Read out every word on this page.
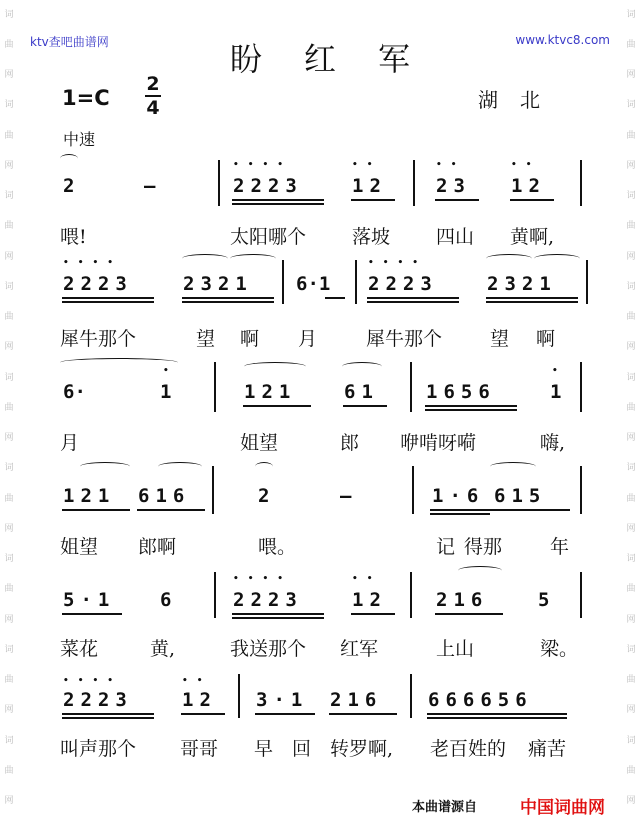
词
曲
网
词
曲
网
词
曲
网
词
曲
网
词
曲
网
词
曲
网
词
曲
网
词
曲
网
词
曲
网
词
曲
网
词
曲
网
词
曲
网
词
曲
网
词
曲
网
词
曲
网
词
曲
网
词
曲
网
词
曲
网
ktv查吧曲谱网	www.ktvc8.com
盼红军
1=C
2
4	湖北
中速
2	—
••••
2223
••
12
••
23
••
12
喂!	太阳哪个 落坡 四山 黄啊,
••••
2223	2321 6·1
••••
2223	2321
犀牛那个	望 啊 月	犀牛那个	望 啊
6·
•
1	121	61 1656
•
1
月	姐望	郎 咿啃呀嗬	嗨,
121 616	2	—	1·6 615
姐望 郎啊	喂。	记 得那	年
5·1 6
••••
2223
••
12	216	5
菜花	黄,	我送那个 红军	上山	梁。
••••
2223
••
12 3·1 216 666656
叫声那个 哥哥 早 回 转罗啊, 老百姓的 痛苦
本曲谱源自	中国词曲网
